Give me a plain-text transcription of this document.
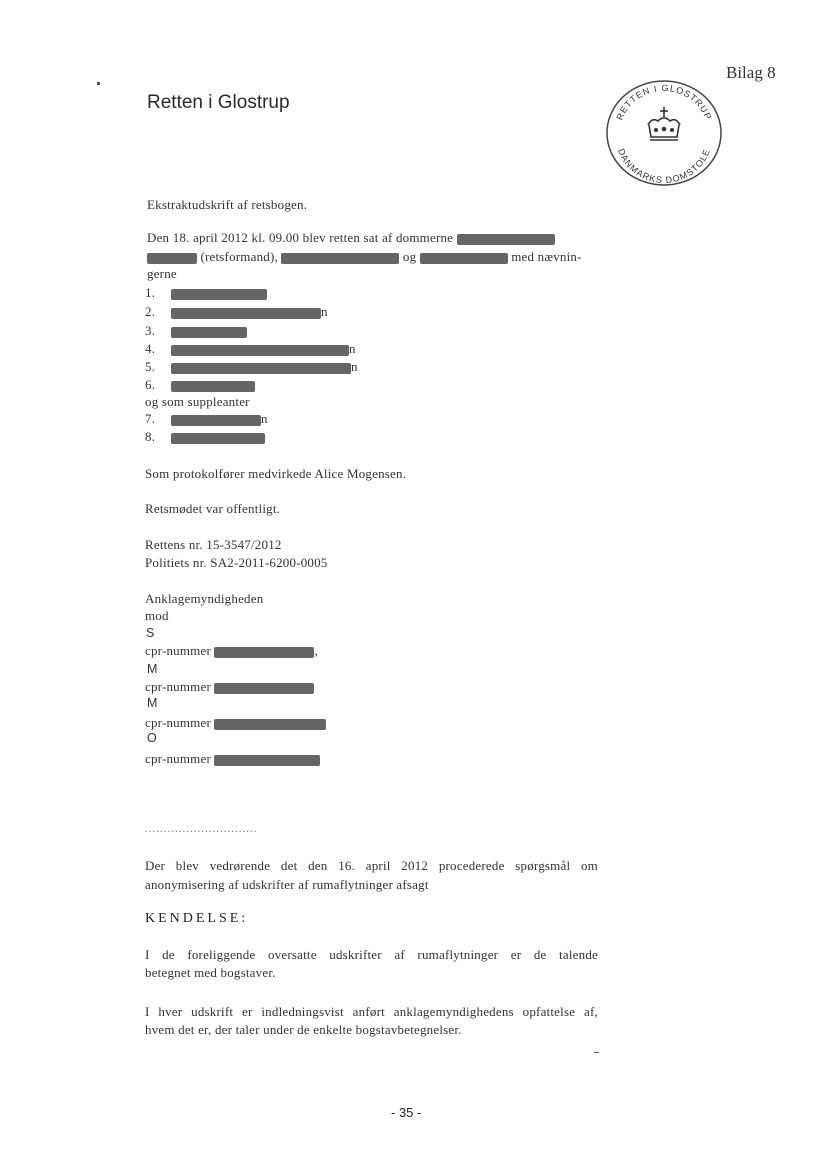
Bilag 8
Retten i Glostrup
RETTEN I GLOSTRUP
DANMARKS DOMSTOLE
Ekstraktudskrift af retsbogen.
Den 18. april 2012 kl. 09.00 blev retten sat af dommerne
(retsformand),	og	med nævnin-
gerne
1.
2.	n
3.
4.	n
5.	n
6.
og som suppleanter
7.	n
8.
Som protokolfører medvirkede Alice Mogensen.
Retsmødet var offentligt.
Rettens nr. 15-3547/2012
Politiets nr. SA2-2011-6200-0005
Anklagemyndigheden
mod
S
cpr-nummer	,
M
cpr-nummer
M
cpr-nummer
O
cpr-nummer
..............................
Der blev vedrørende det den 16. april 2012 procederede spørgsmål om
anonymisering af udskrifter af rumaflytninger afsagt
KENDELSE:
I de foreliggende oversatte udskrifter af rumaflytninger er de talende
betegnet med bogstaver.
I hver udskrift er indledningsvist anført anklagemyndighedens opfattelse af,
hvem det er, der taler under de enkelte bogstavbetegnelser.
- 35 -
